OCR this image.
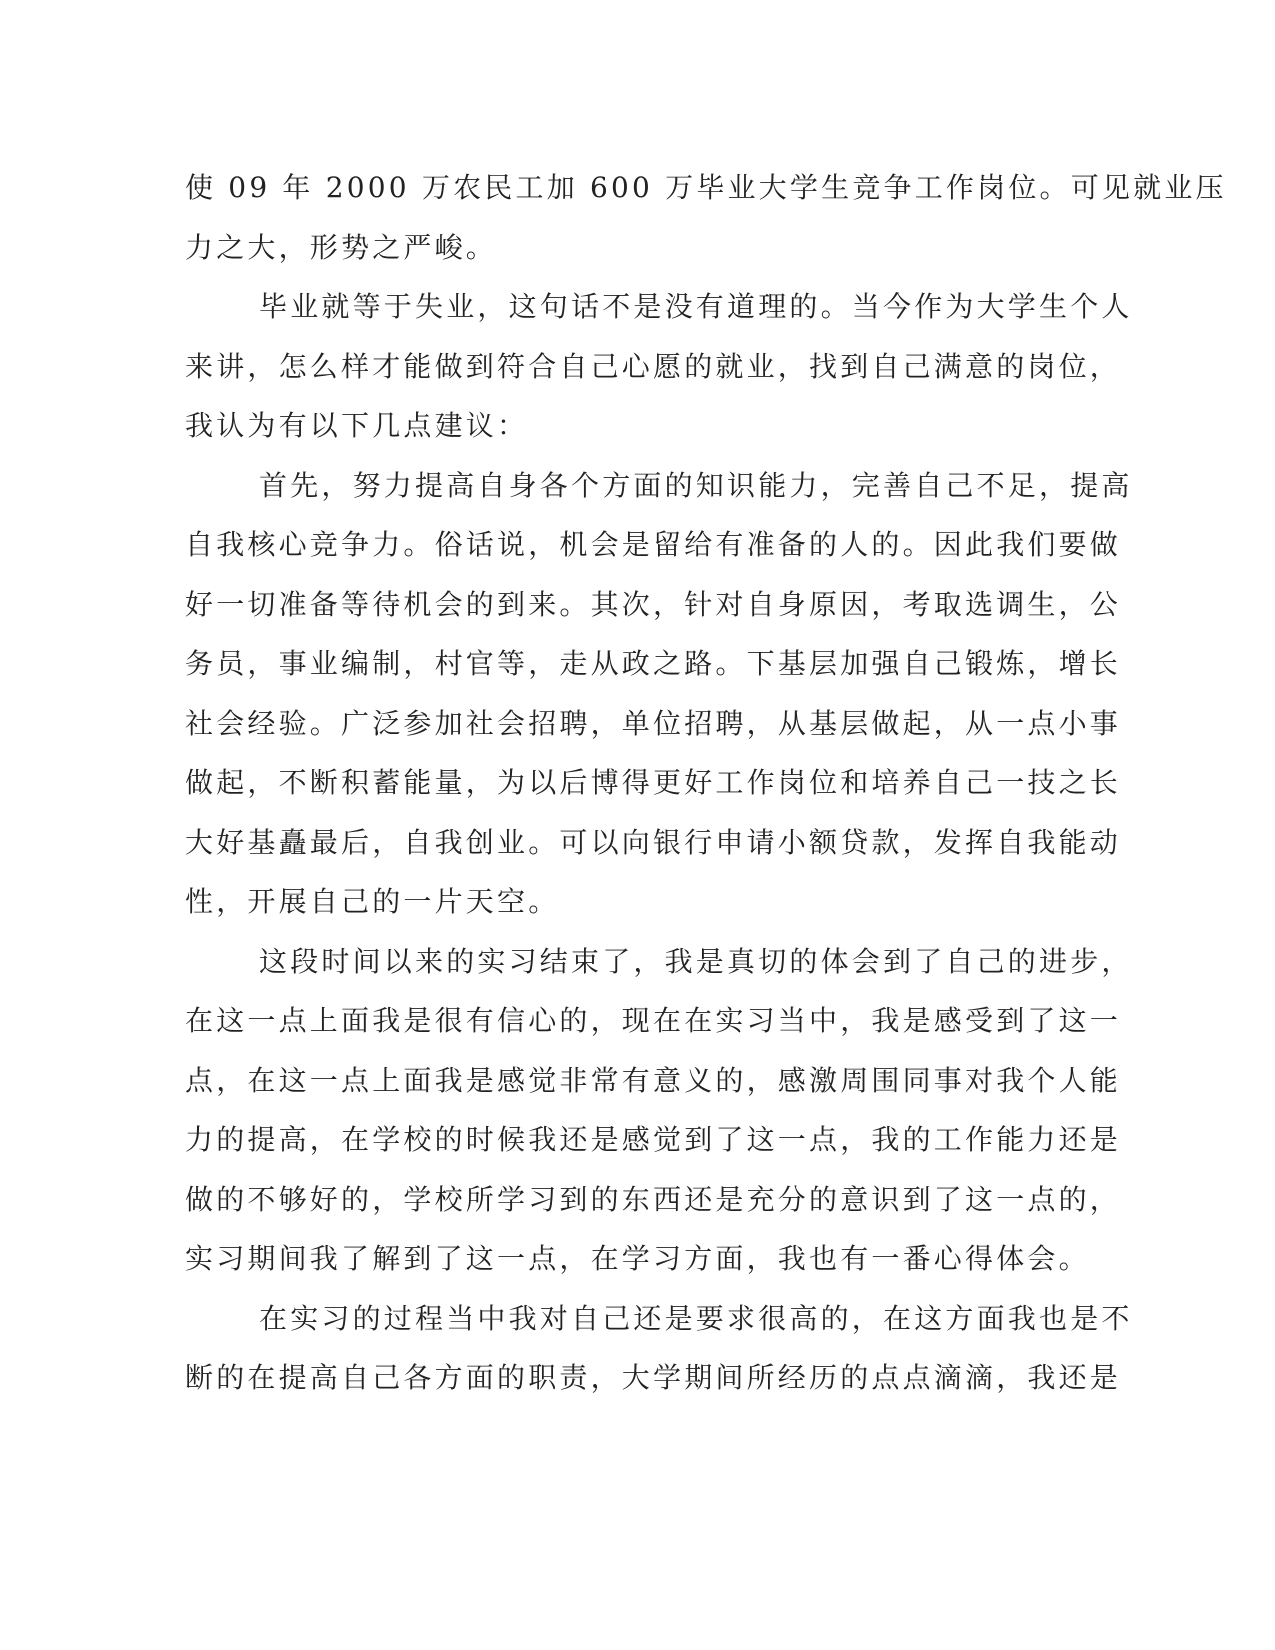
使 09 年 2000 万农民工加 600 万毕业大学生竞争工作岗位。可见就业压
力之大，形势之严峻。
毕业就等于失业，这句话不是没有道理的。当今作为大学生个人
来讲，怎么样才能做到符合自己心愿的就业，找到自己满意的岗位，
我认为有以下几点建议：
首先，努力提高自身各个方面的知识能力，完善自己不足，提高
自我核心竞争力。俗话说，机会是留给有准备的人的。因此我们要做
好一切准备等待机会的到来。其次，针对自身原因，考取选调生，公
务员，事业编制，村官等，走从政之路。下基层加强自己锻炼，增长
社会经验。广泛参加社会招聘，单位招聘，从基层做起，从一点小事
做起，不断积蓄能量，为以后博得更好工作岗位和培养自己一技之长
大好基矗最后，自我创业。可以向银行申请小额贷款，发挥自我能动
性，开展自己的一片天空。
这段时间以来的实习结束了，我是真切的体会到了自己的进步，
在这一点上面我是很有信心的，现在在实习当中，我是感受到了这一
点，在这一点上面我是感觉非常有意义的，感激周围同事对我个人能
力的提高，在学校的时候我还是感觉到了这一点，我的工作能力还是
做的不够好的，学校所学习到的东西还是充分的意识到了这一点的，
实习期间我了解到了这一点，在学习方面，我也有一番心得体会。
在实习的过程当中我对自己还是要求很高的，在这方面我也是不
断的在提高自己各方面的职责，大学期间所经历的点点滴滴，我还是
